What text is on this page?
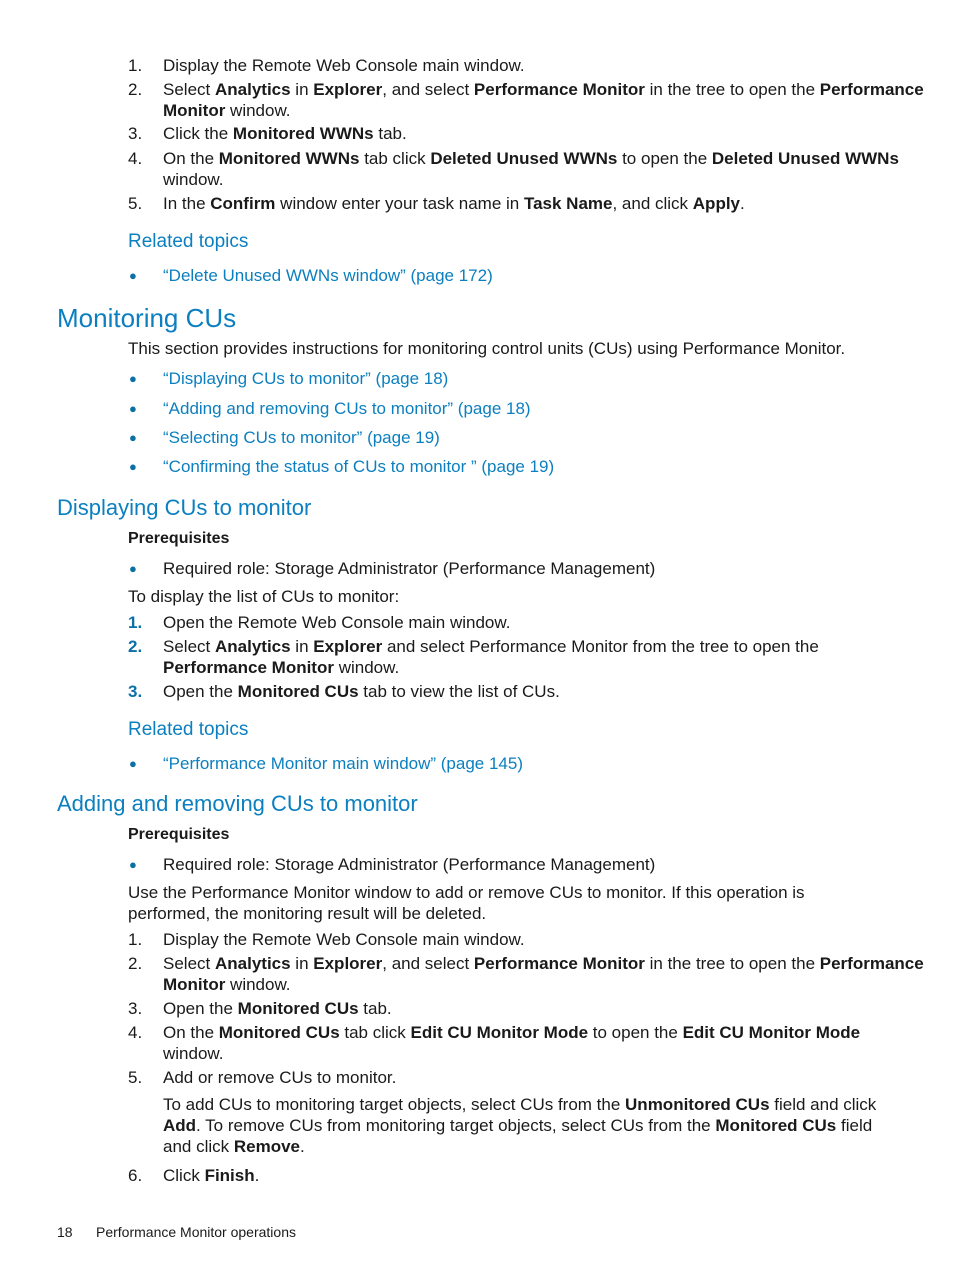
1. Display the Remote Web Console main window.
2. Select Analytics in Explorer, and select Performance Monitor in the tree to open the Performance
Monitor window.
3. Click the Monitored WWNs tab.
4. On the Monitored WWNs tab click Deleted Unused WWNs to open the Deleted Unused WWNs
window.
5. In the Confirm window enter your task name in Task Name, and click Apply.
Related topics
● “Delete Unused WWNs window” (page 172)
Monitoring CUs
This section provides instructions for monitoring control units (CUs) using Performance Monitor.
● “Displaying CUs to monitor” (page 18)
● “Adding and removing CUs to monitor” (page 18)
● “Selecting CUs to monitor” (page 19)
● “Confirming the status of CUs to monitor ” (page 19)
Displaying CUs to monitor
Prerequisites
● Required role: Storage Administrator (Performance Management)
To display the list of CUs to monitor:
1. Open the Remote Web Console main window.
2. Select Analytics in Explorer and select Performance Monitor from the tree to open the
Performance Monitor window.
3. Open the Monitored CUs tab to view the list of CUs.
Related topics
● “Performance Monitor main window” (page 145)
Adding and removing CUs to monitor
Prerequisites
● Required role: Storage Administrator (Performance Management)
Use the Performance Monitor window to add or remove CUs to monitor. If this operation is
performed, the monitoring result will be deleted.
1. Display the Remote Web Console main window.
2. Select Analytics in Explorer, and select Performance Monitor in the tree to open the Performance
Monitor window.
3. Open the Monitored CUs tab.
4. On the Monitored CUs tab click Edit CU Monitor Mode to open the Edit CU Monitor Mode
window.
5. Add or remove CUs to monitor.
To add CUs to monitoring target objects, select CUs from the Unmonitored CUs field and click
Add. To remove CUs from monitoring target objects, select CUs from the Monitored CUs field
and click Remove.
6. Click Finish.
18 Performance Monitor operations
